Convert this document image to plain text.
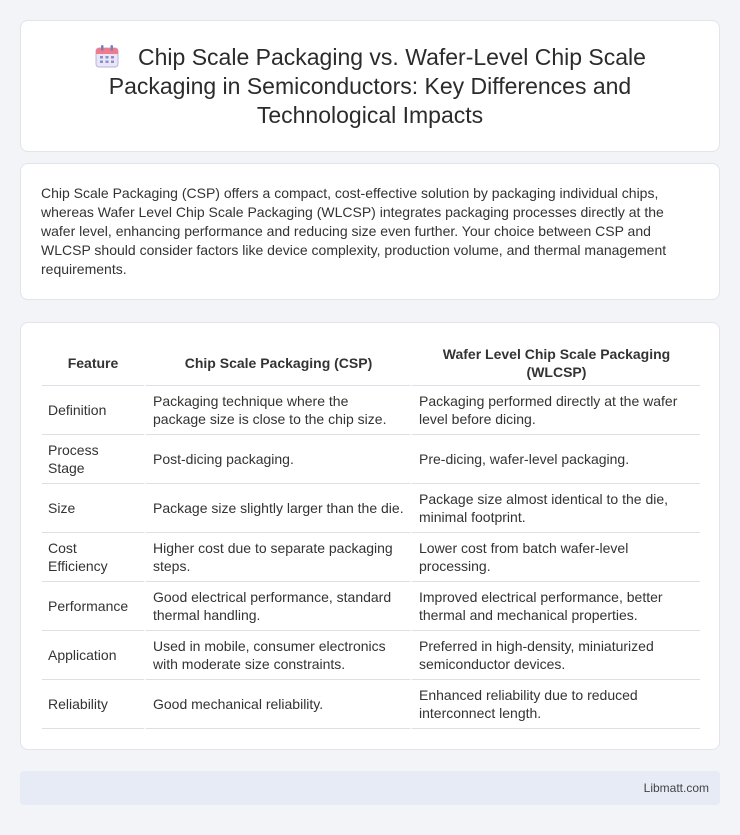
Chip Scale Packaging vs. Wafer-Level Chip Scale Packaging in Semiconductors: Key Differences and Technological Impacts

Chip Scale Packaging (CSP) offers a compact, cost-effective solution by packaging individual chips, whereas Wafer Level Chip Scale Packaging (WLCSP) integrates packaging processes directly at the wafer level, enhancing performance and reducing size even further. Your choice between CSP and WLCSP should consider factors like device complexity, production volume, and thermal management requirements.

Feature	Chip Scale Packaging (CSP)	Wafer Level Chip Scale Packaging (WLCSP)
Definition	Packaging technique where the package size is close to the chip size.	Packaging performed directly at the wafer level before dicing.
Process Stage	Post-dicing packaging.	Pre-dicing, wafer-level packaging.
Size	Package size slightly larger than the die.	Package size almost identical to the die, minimal footprint.
Cost Efficiency	Higher cost due to separate packaging steps.	Lower cost from batch wafer-level processing.
Performance	Good electrical performance, standard thermal handling.	Improved electrical performance, better thermal and mechanical properties.
Application	Used in mobile, consumer electronics with moderate size constraints.	Preferred in high-density, miniaturized semiconductor devices.
Reliability	Good mechanical reliability.	Enhanced reliability due to reduced interconnect length.
Libmatt.com
